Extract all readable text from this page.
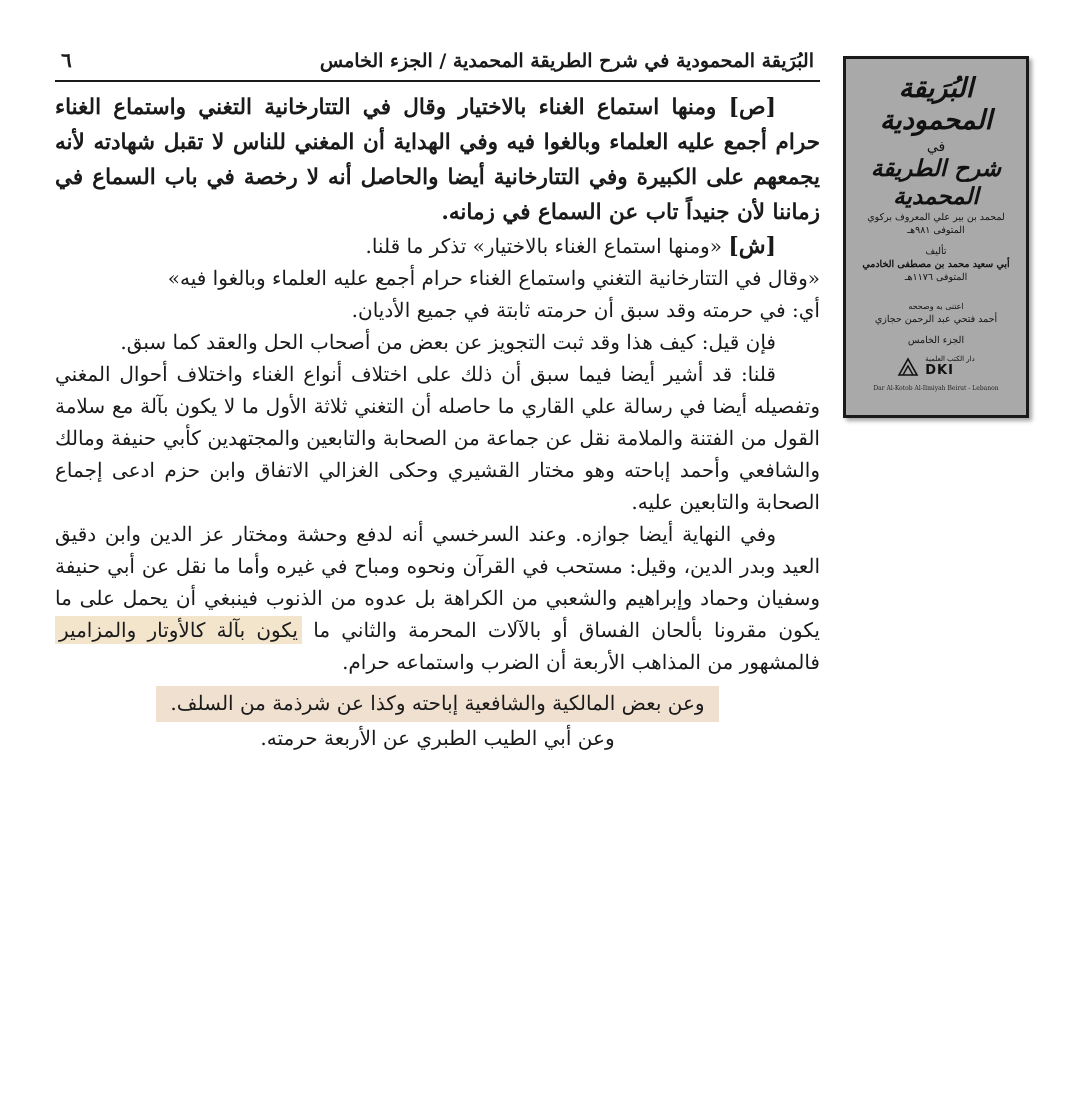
البُرَيقة المحمودية في شرح الطريقة المحمدية / الجزء الخامس
٦

[ص] ومنها استماع الغناء بالاختيار وقال في التتارخانية التغني واستماع الغناء حرام أجمع عليه العلماء وبالغوا فيه وفي الهداية أن المغني للناس لا تقبل شهادته لأنه يجمعهم على الكبيرة وفي التتارخانية أيضا والحاصل أنه لا رخصة في باب السماع في زماننا لأن جنيداً تاب عن السماع في زمانه.

[ش] «ومنها استماع الغناء بالاختيار» تذكر ما قلنا.

«وقال في التتارخانية التغني واستماع الغناء حرام أجمع عليه العلماء وبالغوا فيه»

أي: في حرمته وقد سبق أن حرمته ثابتة في جميع الأديان.

فإن قيل: كيف هذا وقد ثبت التجويز عن بعض من أصحاب الحل والعقد كما سبق.

قلنا: قد أشير أيضا فيما سبق أن ذلك على اختلاف أنواع الغناء واختلاف أحوال المغني وتفصيله أيضا في رسالة علي القاري ما حاصله أن التغني ثلاثة الأول ما لا يكون بآلة مع سلامة القول من الفتنة والملامة نقل عن جماعة من الصحابة والتابعين والمجتهدين كأبي حنيفة ومالك والشافعي وأحمد إباحته وهو مختار القشيري وحكى الغزالي الاتفاق وابن حزم ادعى إجماع الصحابة والتابعين عليه.

وفي النهاية أيضا جوازه. وعند السرخسي أنه لدفع وحشة ومختار عز الدين وابن دقيق العيد وبدر الدين، وقيل: مستحب في القرآن ونحوه ومباح في غيره وأما ما نقل عن أبي حنيفة وسفيان وحماد وإبراهيم والشعبي من الكراهة بل عدوه من الذنوب فينبغي أن يحمل على ما يكون مقرونا بألحان الفساق أو بالآلات المحرمة والثاني ما يكون بآلة كالأوتار والمزامير فالمشهور من المذاهب الأربعة أن الضرب واستماعه حرام.

وعن بعض المالكية والشافعية إباحته وكذا عن شرذمة من السلف.
وعن أبي الطيب الطبري عن الأربعة حرمته.
البُرَيقة المحمودية
في
شرح الطريقة المحمدية
لمحمد بن بير علي المعروف بركوي
المتوفى ٩٨١هـ
تأليف
أبي سعيد محمد بن مصطفى الخادمي
المتوفى ١١٧٦هـ
اعتنى به وصححه
أحمد فتحي عبد الرحمن حجازي
الجزء الخامس
دار الكتب العلمية
DKI
Dar Al-Kotob Al-Ilmiyah Beirut - Lebanon
